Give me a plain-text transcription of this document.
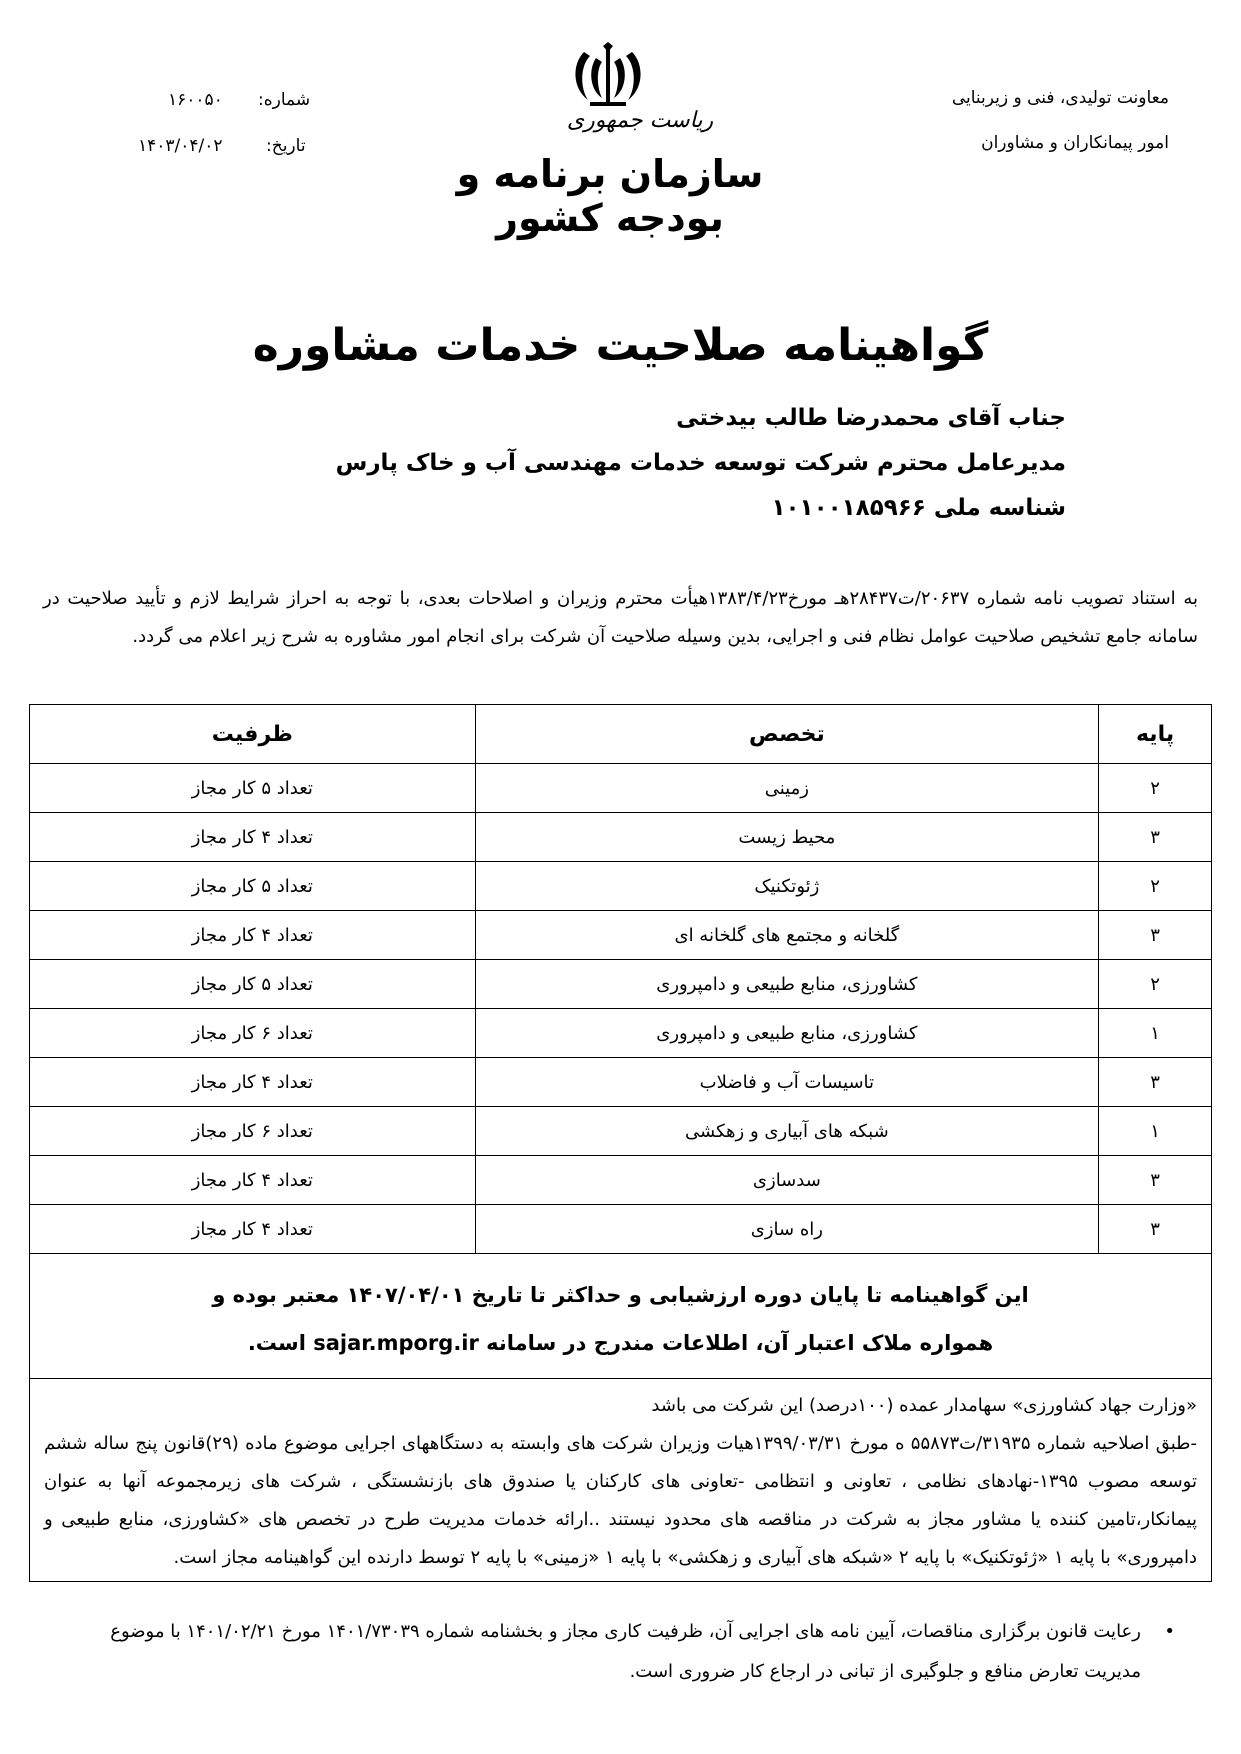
معاونت تولیدی، فنی و زیربنایی
امور پیمانکاران و مشاوران
شماره:
۱۶۰۰۵۰
تاریخ:
۱۴۰۳/۰۴/۰۲
ریاست جمهوری
سازمان برنامه و بودجه کشور
گواهینامه صلاحیت خدمات مشاوره
جناب آقای محمدرضا طالب بیدختی
مدیرعامل محترم شرکت توسعه خدمات مهندسی آب و خاک پارس
شناسه ملی ۱۰۱۰۰۱۸۵۹۶۶
به استناد تصویب نامه شماره ۲۰۶۳۷/ت۲۸۴۳۷هـ مورخ۱۳۸۳/۴/۲۳هیأت محترم وزیران و اصلاحات بعدی، با توجه به احراز شرایط لازم و تأیید صلاحیت در سامانه جامع تشخیص صلاحیت عوامل نظام فنی و اجرایی، بدین وسیله صلاحیت آن شرکت برای انجام امور مشاوره به شرح زیر اعلام می گردد.
پایه	تخصص	ظرفیت
۲	زمینی	تعداد ۵ کار مجاز
۳	محیط زیست	تعداد ۴ کار مجاز
۲	ژئوتکنیک	تعداد ۵ کار مجاز
۳	گلخانه و مجتمع های گلخانه ای	تعداد ۴ کار مجاز
۲	کشاورزی، منابع طبیعی و دامپروری	تعداد ۵ کار مجاز
۱	کشاورزی، منابع طبیعی و دامپروری	تعداد ۶ کار مجاز
۳	تاسیسات آب و فاضلاب	تعداد ۴ کار مجاز
۱	شبکه های آبیاری و زهکشی	تعداد ۶ کار مجاز
۳	سدسازی	تعداد ۴ کار مجاز
۳	راه سازی	تعداد ۴ کار مجاز

این گواهینامه تا پایان دوره ارزشیابی و حداکثر تا تاریخ ۱۴۰۷/۰۴/۰۱ معتبر بوده و
همواره ملاک اعتبار آن، اطلاعات مندرج در سامانه sajar.mporg.ir است.		

«وزارت جهاد کشاورزی» سهامدار عمده (۱۰۰درصد) این شرکت می باشد
-طبق اصلاحیه شماره ۳۱۹۳۵/ت۵۵۸۷۳ ه مورخ ۱۳۹۹/۰۳/۳۱هیات وزیران شرکت های وابسته به دستگاههای اجرایی موضوع ماده (۲۹)قانون پنج ساله ششم توسعه مصوب ۱۳۹۵-نهادهای نظامی ، تعاونی و انتظامی -تعاونی های کارکنان یا صندوق های بازنشستگی ، شرکت های زیرمجموعه آنها به عنوان پیمانکار،تامین کننده یا مشاور مجاز به شرکت در مناقصه های محدود نیستند ..ارائه خدمات مدیریت طرح در تخصص های «کشاورزی، منابع طبیعی و دامپروری» با پایه ۱ «ژئوتکنیک» با پایه ۲ «شبکه های آبیاری و زهکشی» با پایه ۱ «زمینی» با پایه ۲ توسط دارنده این گواهینامه مجاز است.		
•
رعایت قانون برگزاری مناقصات، آیین نامه های اجرایی آن، ظرفیت کاری مجاز و بخشنامه شماره ۱۴۰۱/۷۳۰۳۹ مورخ ۱۴۰۱/۰۲/۲۱ با موضوع مدیریت تعارض منافع و جلوگیری از تبانی در ارجاع کار ضروری است.
